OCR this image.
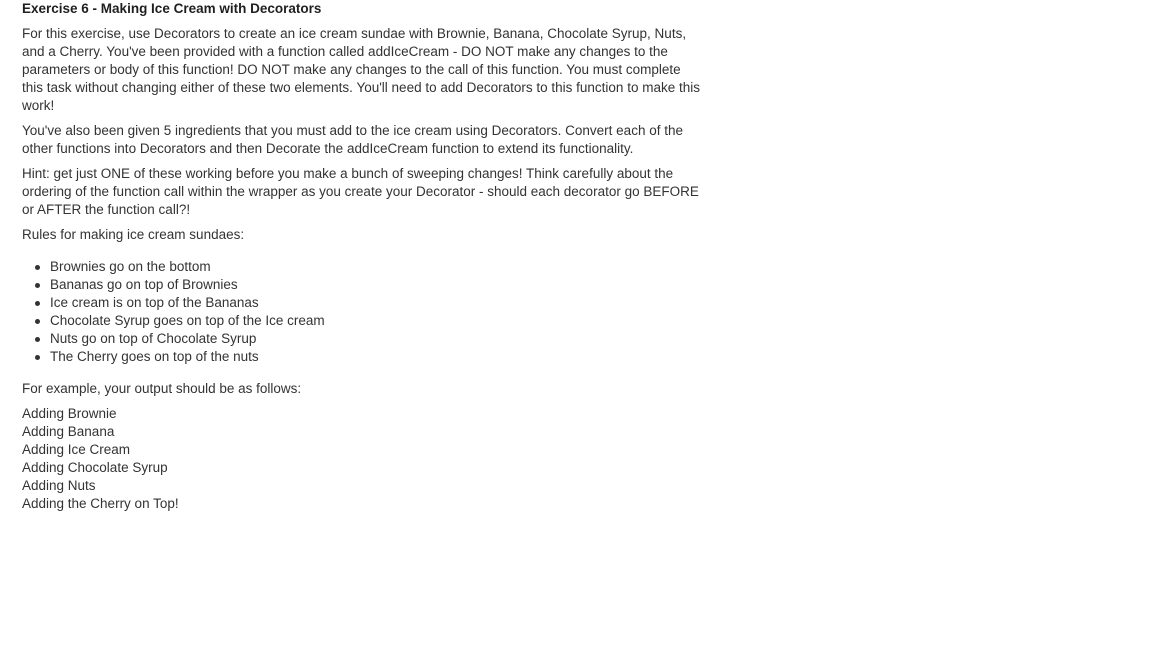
Exercise 6 - Making Ice Cream with Decorators

For this exercise, use Decorators to create an ice cream sundae with Brownie, Banana, Chocolate Syrup, Nuts, and a Cherry. You've been provided with a function called addIceCream - DO NOT make any changes to the parameters or body of this function! DO NOT make any changes to the call of this function. You must complete this task without changing either of these two elements. You'll need to add Decorators to this function to make this work!

You've also been given 5 ingredients that you must add to the ice cream using Decorators. Convert each of the other functions into Decorators and then Decorate the addIceCream function to extend its functionality.

Hint: get just ONE of these working before you make a bunch of sweeping changes! Think carefully about the ordering of the function call within the wrapper as you create your Decorator - should each decorator go BEFORE or AFTER the function call?!

Rules for making ice cream sundaes:

Brownies go on the bottom
Bananas go on top of Brownies
Ice cream is on top of the Bananas
Chocolate Syrup goes on top of the Ice cream
Nuts go on top of Chocolate Syrup
The Cherry goes on top of the nuts

For example, your output should be as follows:

Adding Brownie
Adding Banana
Adding Ice Cream
Adding Chocolate Syrup
Adding Nuts
Adding the Cherry on Top!
